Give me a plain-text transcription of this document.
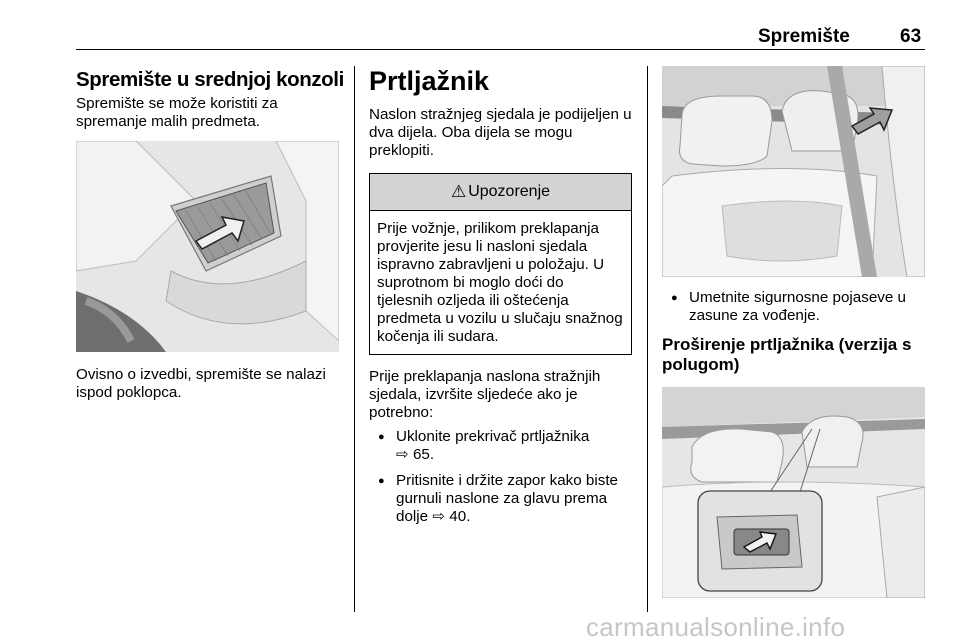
Spremište	63
Spremište u srednjoj konzoli

Spremište se može koristiti za spremanje malih predmeta.

Ovisno o izvedbi, spremište se nalazi ispod poklopca.

Prtljažnik

Naslon stražnjeg sjedala je podijeljen u dva dijela. Oba dijela se mogu preklopiti.

⚠ Upozorenje
Prije vožnje, prilikom preklapanja provjerite jesu li nasloni sjedala ispravno zabravljeni u položaju. U suprotnom bi moglo doći do tjelesnih ozljeda ili oštećenja predmeta u vozilu u slučaju snažnog kočenja ili sudara.

Prije preklapanja naslona stražnjih sjedala, izvršite sljedeće ako je potrebno:

● Uklonite prekrivač prtljažnika
⇨ 65.
● Pritisnite i držite zapor kako biste gurnuli naslone za glavu prema dolje ⇨ 40.
● Umetnite sigurnosne pojaseve u zasune za vođenje.
Proširenje prtljažnika (verzija s polugom)
carmanualsonline.info
